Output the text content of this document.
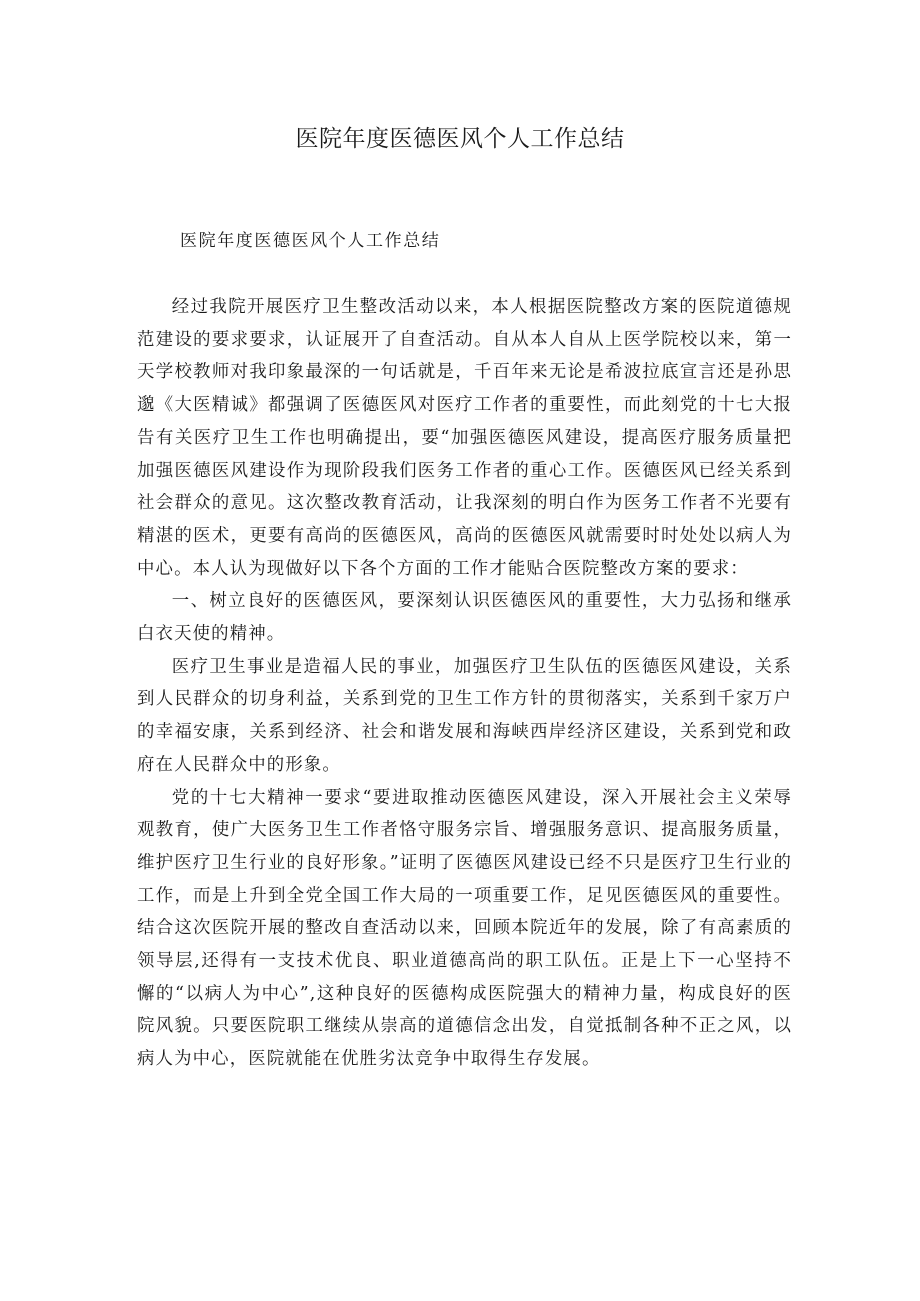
医院年度医德医风个人工作总结

医院年度医德医风个人工作总结

经过我院开展医疗卫生整改活动以来，本人根据医院整改方案的医院道德规范建设的要求要求，认证展开了自查活动。自从本人自从上医学院校以来，第一天学校教师对我印象最深的一句话就是，千百年来无论是希波拉底宣言还是孙思邈《大医精诚》都强调了医德医风对医疗工作者的重要性，而此刻党的十七大报告有关医疗卫生工作也明确提出，要“加强医德医风建设，提高医疗服务质量把加强医德医风建设作为现阶段我们医务工作者的重心工作。医德医风已经关系到社会群众的意见。这次整改教育活动，让我深刻的明白作为医务工作者不光要有精湛的医术，更要有高尚的医德医风，高尚的医德医风就需要时时处处以病人为中心。本人认为现做好以下各个方面的工作才能贴合医院整改方案的要求：

一、树立良好的医德医风，要深刻认识医德医风的重要性，大力弘扬和继承白衣天使的精神。

医疗卫生事业是造福人民的事业，加强医疗卫生队伍的医德医风建设，关系到人民群众的切身利益，关系到党的卫生工作方针的贯彻落实，关系到千家万户的幸福安康，关系到经济、社会和谐发展和海峡西岸经济区建设，关系到党和政府在人民群众中的形象。

党的十七大精神一要求“要进取推动医德医风建设，深入开展社会主义荣辱观教育，使广大医务卫生工作者恪守服务宗旨、增强服务意识、提高服务质量，维护医疗卫生行业的良好形象。”证明了医德医风建设已经不只是医疗卫生行业的工作，而是上升到全党全国工作大局的一项重要工作，足见医德医风的重要性。结合这次医院开展的整改自查活动以来，回顾本院近年的发展，除了有高素质的领导层,还得有一支技术优良、职业道德高尚的职工队伍。正是上下一心坚持不懈的“以病人为中心”,这种良好的医德构成医院强大的精神力量，构成良好的医院风貌。只要医院职工继续从崇高的道德信念出发，自觉抵制各种不正之风，以病人为中心，医院就能在优胜劣汰竞争中取得生存发展。
